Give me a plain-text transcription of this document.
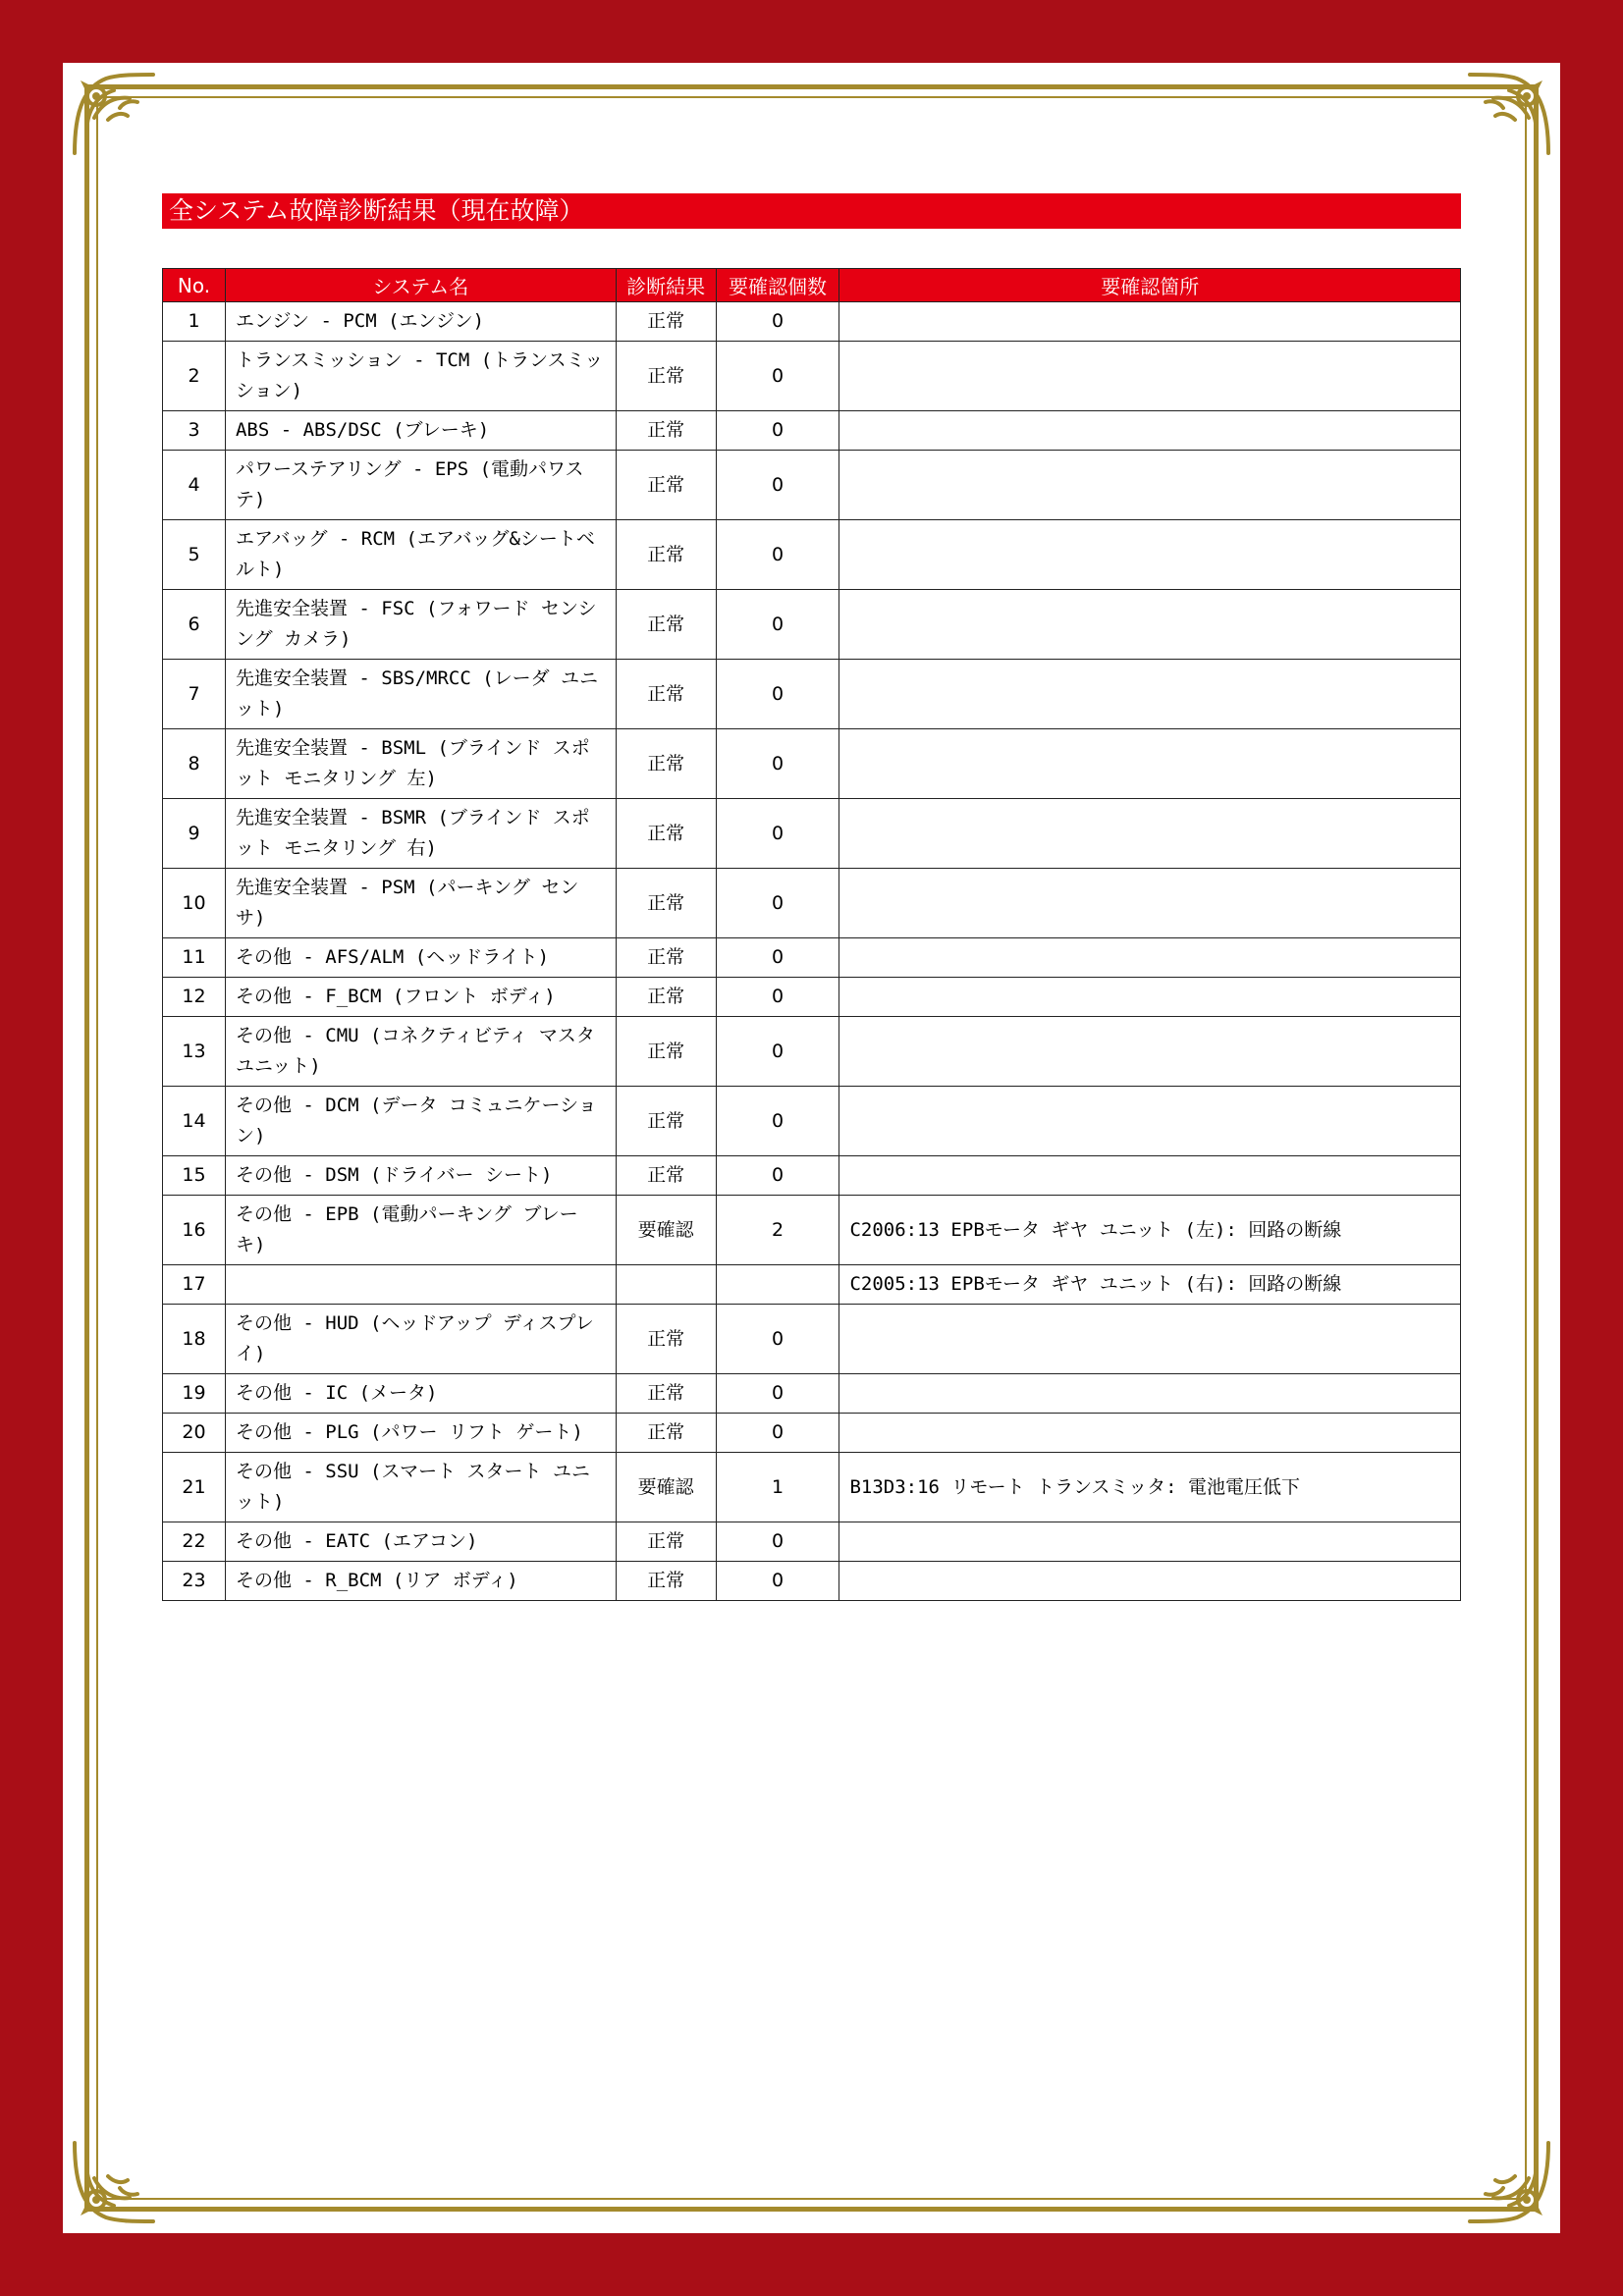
全システム故障診断結果（現在故障）
No.	システム名	診断結果	要確認個数	要確認箇所
1	エンジン - PCM (エンジン)	正常	0	
2	トランスミッション - TCM (トランスミッション)	正常	0	
3	ABS - ABS/DSC (ブレーキ)	正常	0	
4	パワーステアリング - EPS (電動パワステ)	正常	0	
5	エアバッグ - RCM (エアバッグ&シートベルト)	正常	0	
6	先進安全装置 - FSC (フォワード センシング カメラ)	正常	0	
7	先進安全装置 - SBS/MRCC (レーダ ユニット)	正常	0	
8	先進安全装置 - BSML (ブラインド スポット モニタリング 左)	正常	0	
9	先進安全装置 - BSMR (ブラインド スポット モニタリング 右)	正常	0	
10	先進安全装置 - PSM (パーキング センサ)	正常	0	
11	その他 - AFS/ALM (ヘッドライト)	正常	0	
12	その他 - F_BCM (フロント ボディ)	正常	0	
13	その他 - CMU (コネクティビティ マスタ ユニット)	正常	0	
14	その他 - DCM (データ コミュニケーション)	正常	0	
15	その他 - DSM (ドライバー シート)	正常	0	
16	その他 - EPB (電動パーキング ブレーキ)	要確認	2	C2006:13 EPBモータ ギヤ ユニット (左): 回路の断線
17				C2005:13 EPBモータ ギヤ ユニット (右): 回路の断線
18	その他 - HUD (ヘッドアップ ディスプレイ)	正常	0	
19	その他 - IC (メータ)	正常	0	
20	その他 - PLG (パワー リフト ゲート)	正常	0	
21	その他 - SSU (スマート スタート ユニット)	要確認	1	B13D3:16 リモート トランスミッタ: 電池電圧低下
22	その他 - EATC (エアコン)	正常	0	
23	その他 - R_BCM (リア ボディ)	正常	0	
